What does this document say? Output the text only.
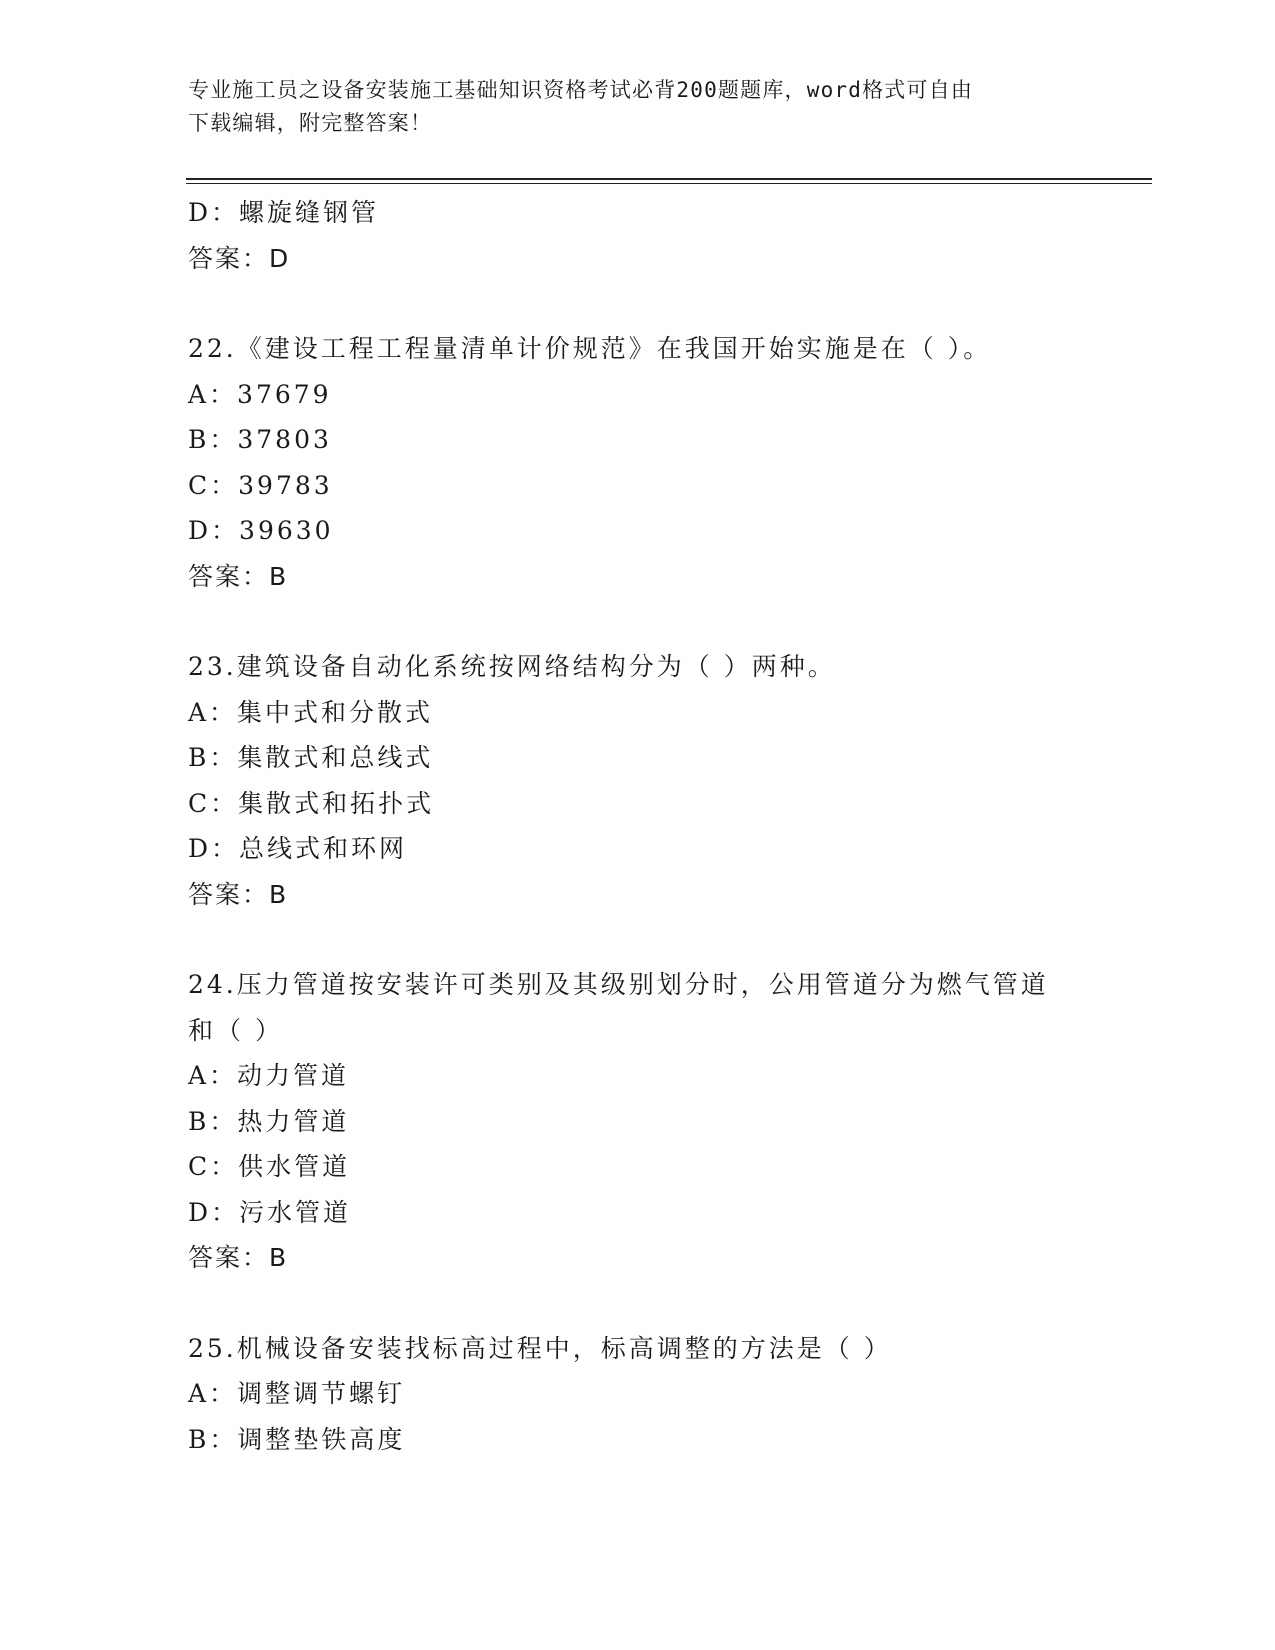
专业施工员之设备安装施工基础知识资格考试必背200题题库，word格式可自由
下载编辑，附完整答案！
D：螺旋缝钢管
答案：D
22.《建设工程工程量清单计价规范》在我国开始实施是在（ ）。
A：37679
B：37803
C：39783
D：39630
答案：B
23.建筑设备自动化系统按网络结构分为（ ）两种。
A：集中式和分散式
B：集散式和总线式
C：集散式和拓扑式
D：总线式和环网
答案：B
24.压力管道按安装许可类别及其级别划分时，公用管道分为燃气管道
和（ ）
A：动力管道
B：热力管道
C：供水管道
D：污水管道
答案：B
25.机械设备安装找标高过程中，标高调整的方法是（ ）
A：调整调节螺钉
B：调整垫铁高度
